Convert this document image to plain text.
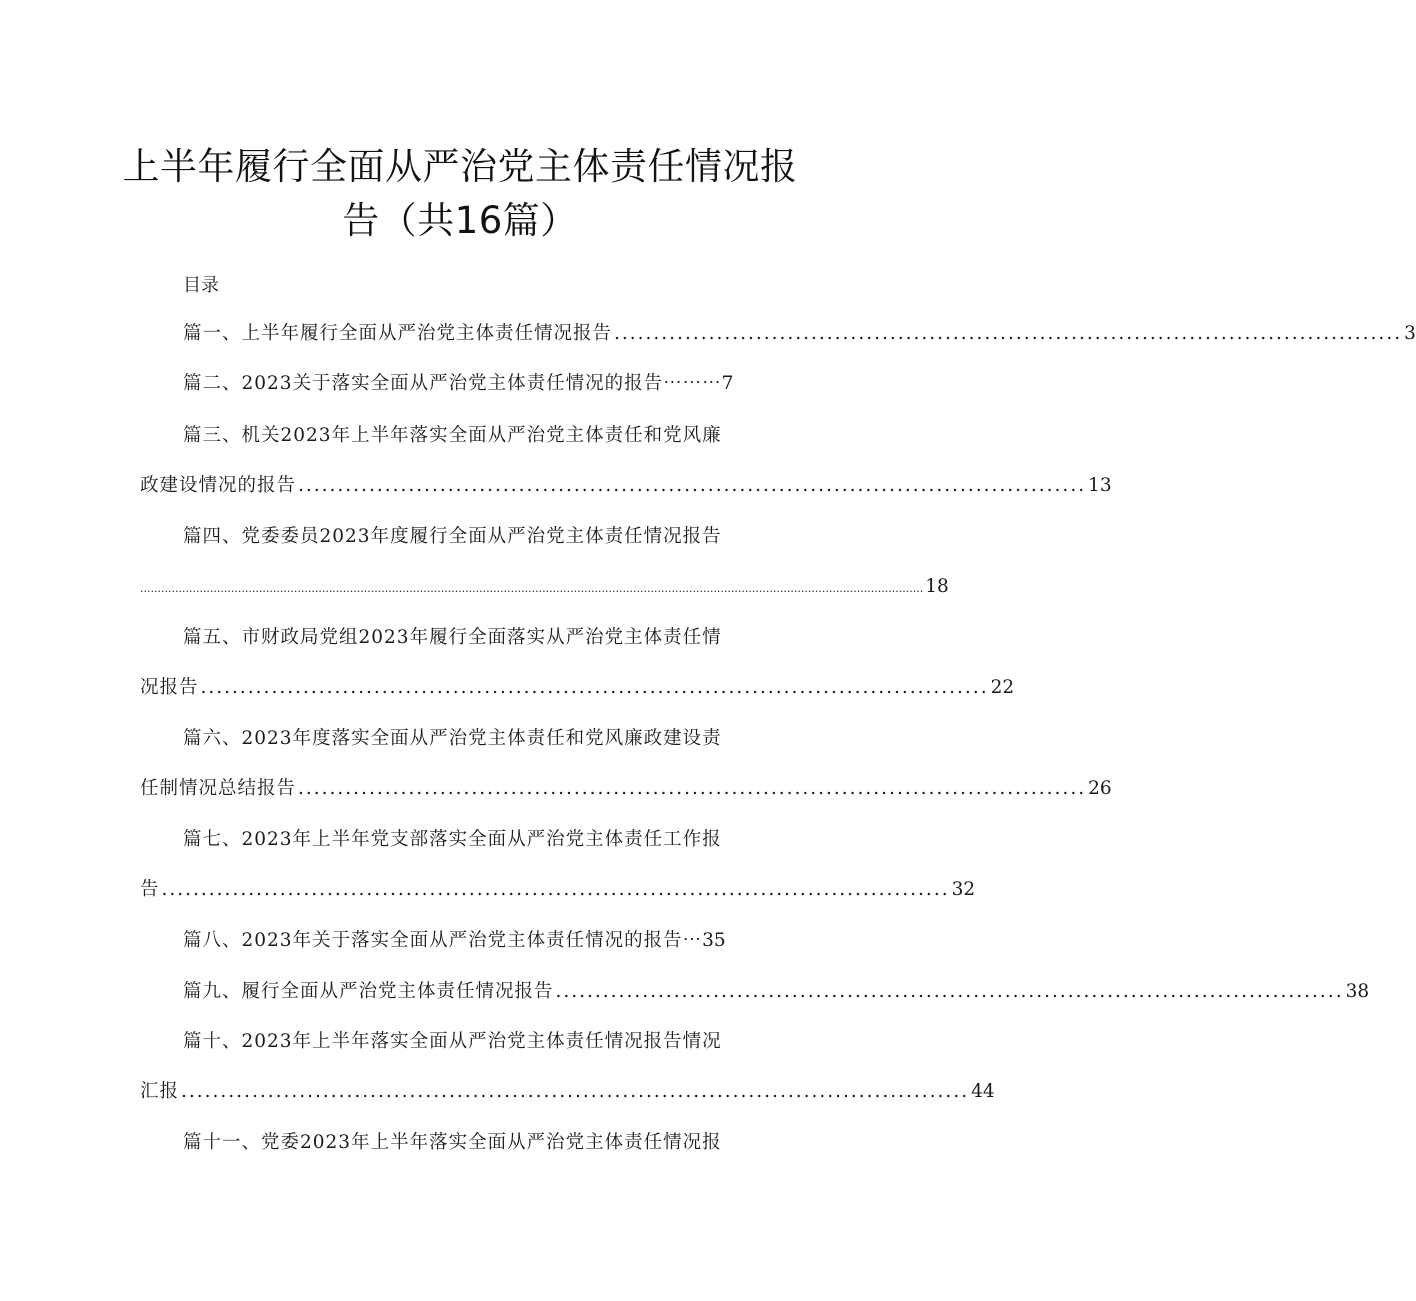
上半年履行全面从严治党主体责任情况报
告（共16篇）
目录
篇一、上半年履行全面从严治党主体责任情况报告 .................................................................................................... 3
篇二、2023关于落实全面从严治党主体责任情况的报告⋯⋯⋯ 7
篇三、机关2023年上半年落实全面从严治党主体责任和党风廉
政建设情况的报告 .................................................................................................... 13
篇四、党委委员2023年度履行全面从严治党主体责任情况报告
................................................................................................................................................................................................................................ 18
篇五、市财政局党组2023年履行全面落实从严治党主体责任情
况报告 .................................................................................................... 22
篇六、2023年度落实全面从严治党主体责任和党风廉政建设责
任制情况总结报告 .................................................................................................... 26
篇七、2023年上半年党支部落实全面从严治党主体责任工作报
告 .................................................................................................... 32
篇八、2023年关于落实全面从严治党主体责任情况的报告⋯ 35
篇九、履行全面从严治党主体责任情况报告 .................................................................................................... 38
篇十、2023年上半年落实全面从严治党主体责任情况报告情况
汇报 .................................................................................................... 44
篇十一、党委2023年上半年落实全面从严治党主体责任情况报
